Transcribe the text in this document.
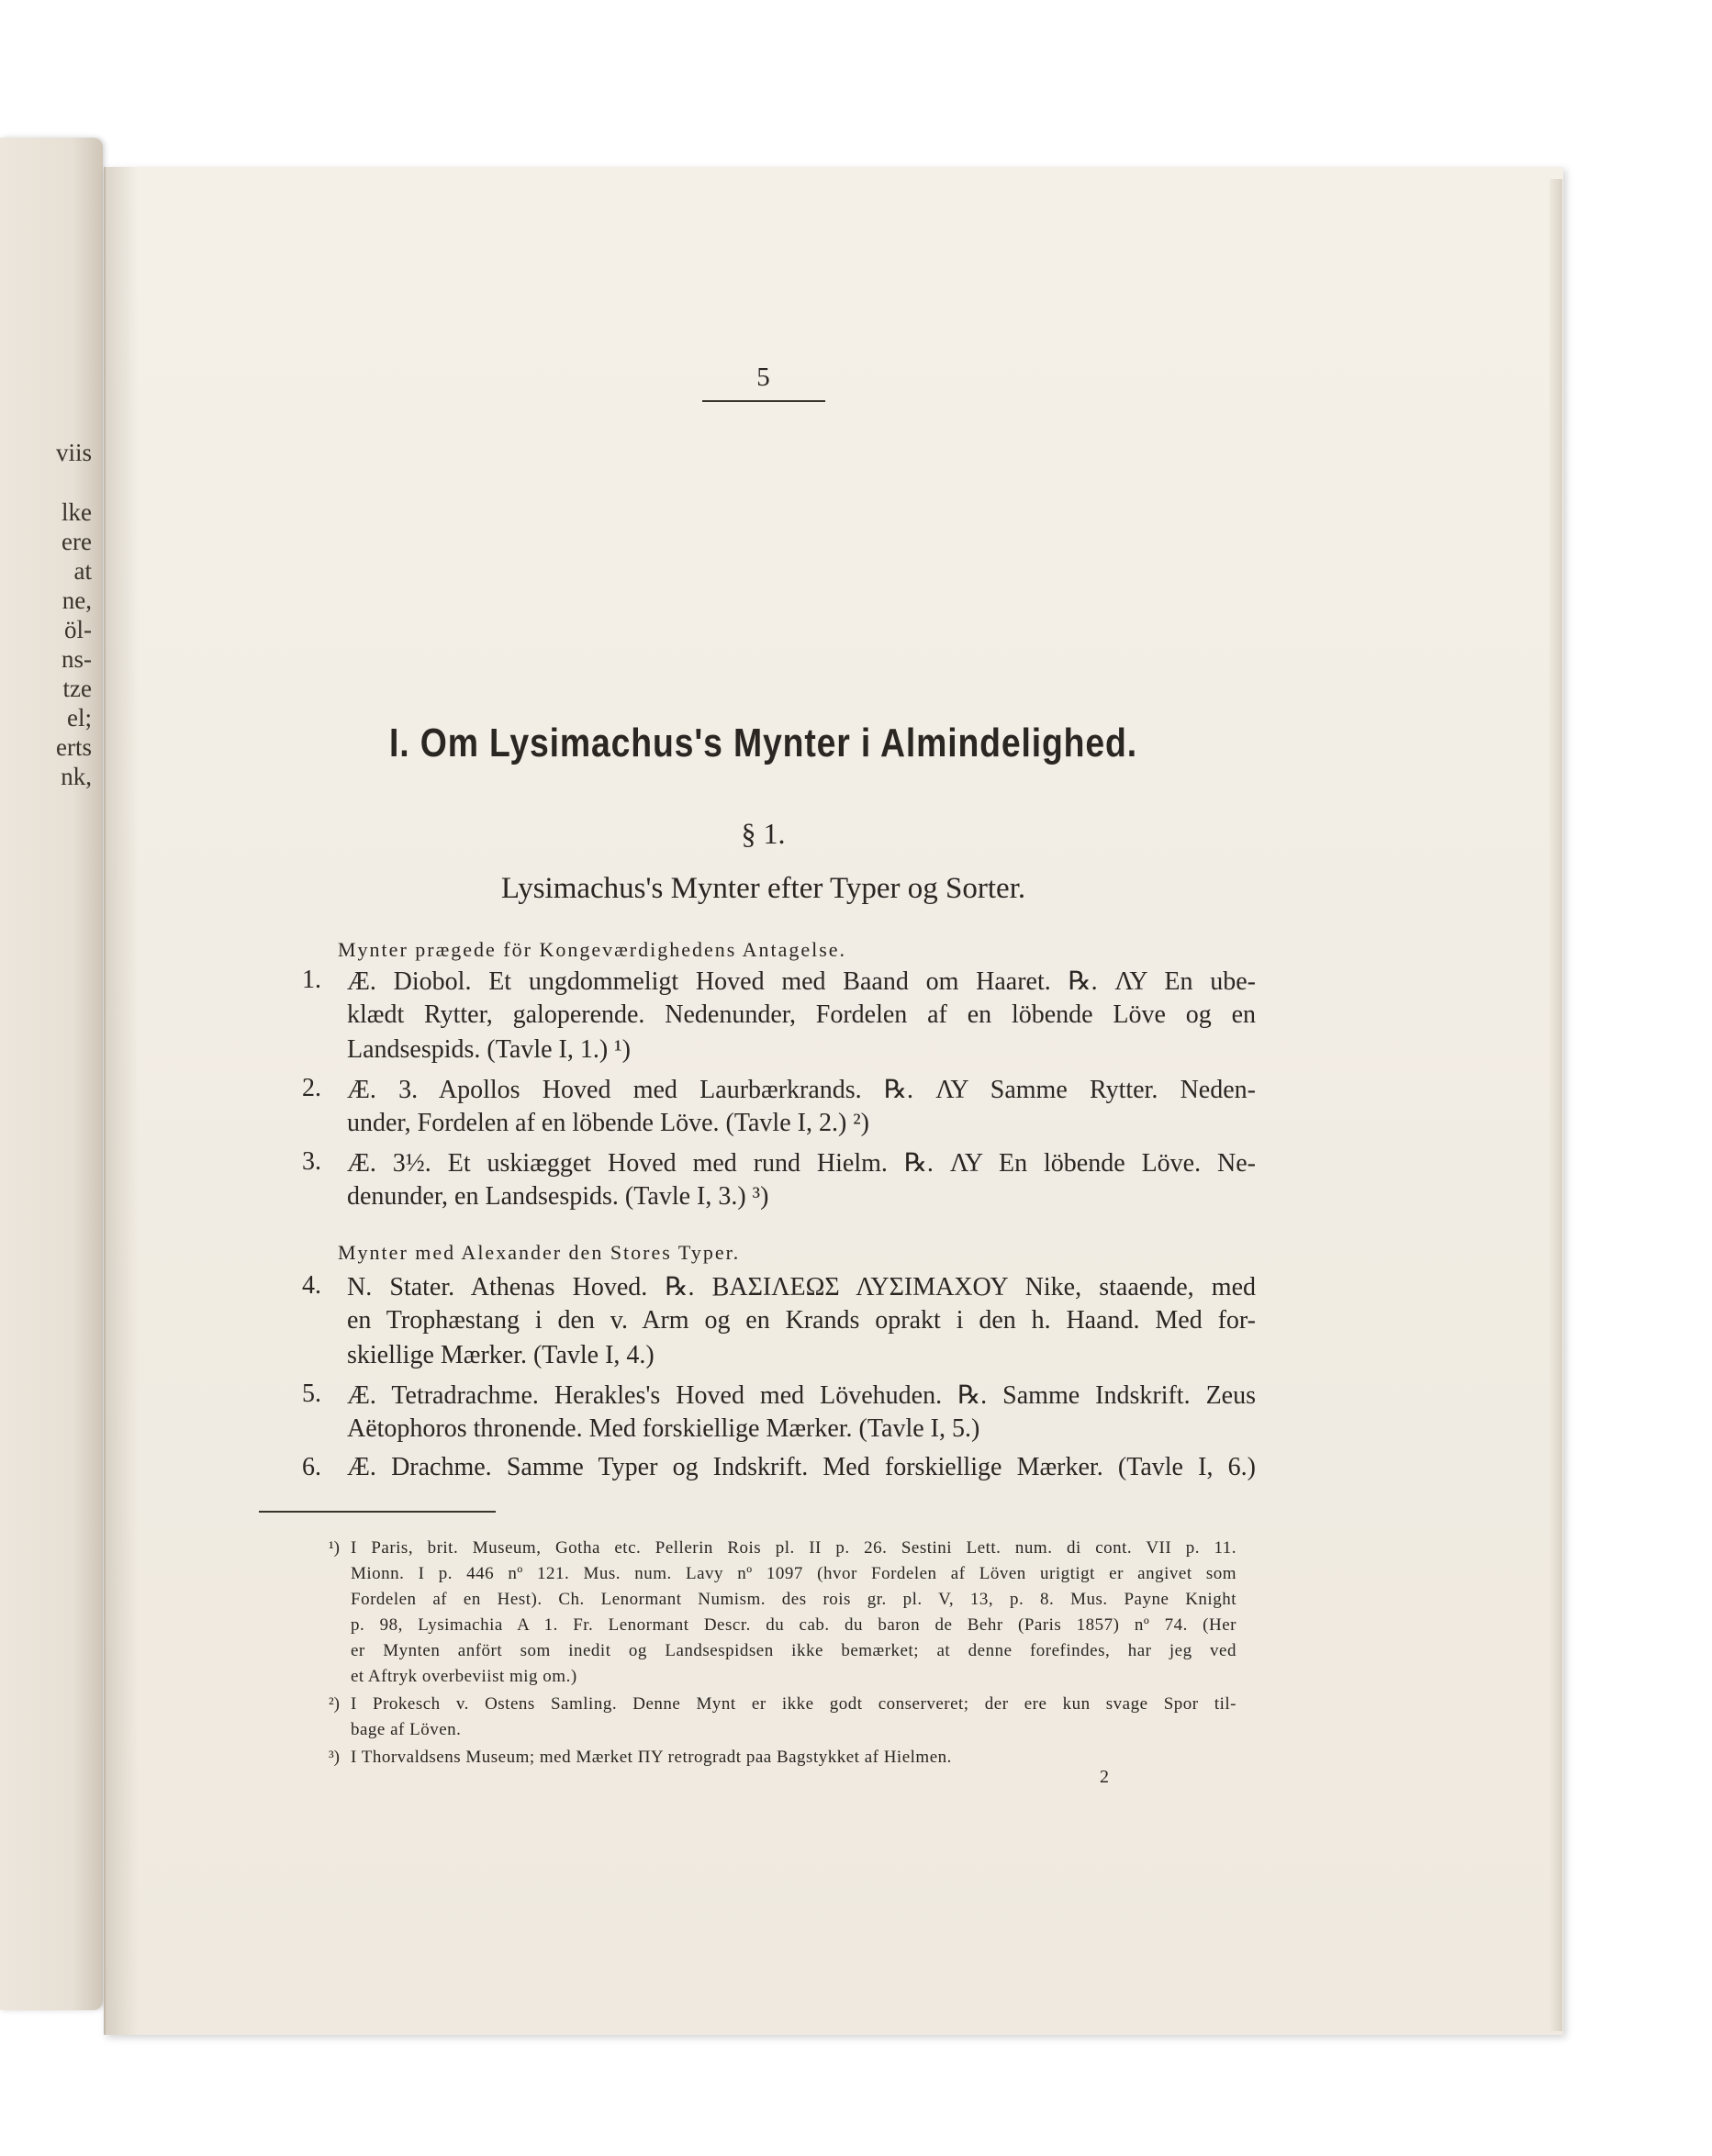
viis
lke
ere
at
ne,
öl-
ns-
tze
el;
erts
nk,
5
I. Om Lysimachus's Mynter i Almindelighed.
§ 1.
Lysimachus's Mynter efter Typer og Sorter.
Mynter prægede för Kongeværdighedens Antagelse.
1. Æ. Diobol. Et ungdommeligt Hoved med Baand om Haaret. ℞. ΛΥ En ube-
klædt Rytter, galoperende. Nedenunder, Fordelen af en löbende Löve og en
Landsespids. (Tavle I, 1.) ¹)
2. Æ. 3. Apollos Hoved med Laurbærkrands. ℞. ΛΥ Samme Rytter. Neden-
under, Fordelen af en löbende Löve. (Tavle I, 2.) ²)
3. Æ. 3½. Et uskiægget Hoved med rund Hielm. ℞. ΛΥ En löbende Löve. Ne-
denunder, en Landsespids. (Tavle I, 3.) ³)
Mynter med Alexander den Stores Typer.
4. N. Stater. Athenas Hoved. ℞. ΒΑΣΙΛΕΩΣ ΛΥΣΙΜΑΧΟΥ Nike, staaende, med
en Trophæstang i den v. Arm og en Krands oprakt i den h. Haand. Med for-
skiellige Mærker. (Tavle I, 4.)
5. Æ. Tetradrachme. Herakles's Hoved med Lövehuden. ℞. Samme Indskrift. Zeus
Aëtophoros thronende. Med forskiellige Mærker. (Tavle I, 5.)
6. Æ. Drachme. Samme Typer og Indskrift. Med forskiellige Mærker. (Tavle I, 6.)
¹) I Paris, brit. Museum, Gotha etc. Pellerin Rois pl. II p. 26. Sestini Lett. num. di cont. VII p. 11.
Mionn. I p. 446 nº 121. Mus. num. Lavy nº 1097 (hvor Fordelen af Löven urigtigt er angivet som
Fordelen af en Hest). Ch. Lenormant Numism. des rois gr. pl. V, 13, p. 8. Mus. Payne Knight
p. 98, Lysimachia A 1. Fr. Lenormant Descr. du cab. du baron de Behr (Paris 1857) nº 74. (Her
er Mynten anfört som inedit og Landsespidsen ikke bemærket; at denne forefindes, har jeg ved
et Aftryk overbeviist mig om.)
²) I Prokesch v. Ostens Samling. Denne Mynt er ikke godt conserveret; der ere kun svage Spor til-
bage af Löven.
³) I Thorvaldsens Museum; med Mærket ΠΥ retrogradt paa Bagstykket af Hielmen.
2
